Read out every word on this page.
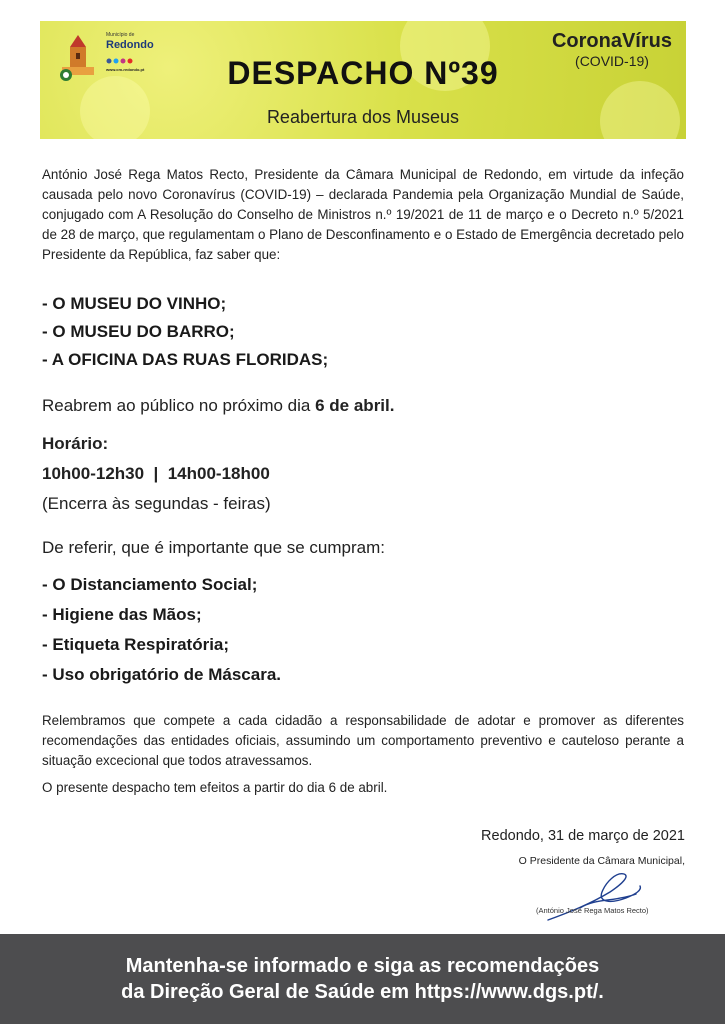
Município de
Redondo
www.cm-redondo.pt	DESPACHO Nº39
Reabertura dos Museus
CoronaVírus
(COVID-19)
António José Rega Matos Recto, Presidente da Câmara Municipal de Redondo, em virtude da infeção causada pelo novo Coronavírus (COVID-19) – declarada Pandemia pela Organização Mundial de Saúde, conjugado com A Resolução do Conselho de Ministros n.º 19/2021 de 11 de março e o Decreto n.º 5/2021 de 28 de março, que regulamentam o Plano de Desconfinamento e o Estado de Emergência decretado pelo Presidente da República, faz saber que:
- O MUSEU DO VINHO;
- O MUSEU DO BARRO;
- A OFICINA DAS RUAS FLORIDAS;
Reabrem ao público no próximo dia 6 de abril.
Horário:
10h00-12h30  |  14h00-18h00
(Encerra às segundas - feiras)
De referir, que é importante que se cumpram:
- O Distanciamento Social;
- Higiene das Mãos;
- Etiqueta Respiratória;
- Uso obrigatório de Máscara.
Relembramos que compete a cada cidadão a responsabilidade de adotar e promover as diferentes recomendações das entidades oficiais, assumindo um comportamento preventivo e cauteloso perante a situação excecional que todos atravessamos.
O presente despacho tem efeitos a partir do dia 6 de abril.
Redondo, 31 de março de 2021
O Presidente da Câmara Municipal,
(António José Rega Matos Recto)
Mantenha-se informado e siga as recomendações
da Direção Geral de Saúde em https://www.dgs.pt/.
